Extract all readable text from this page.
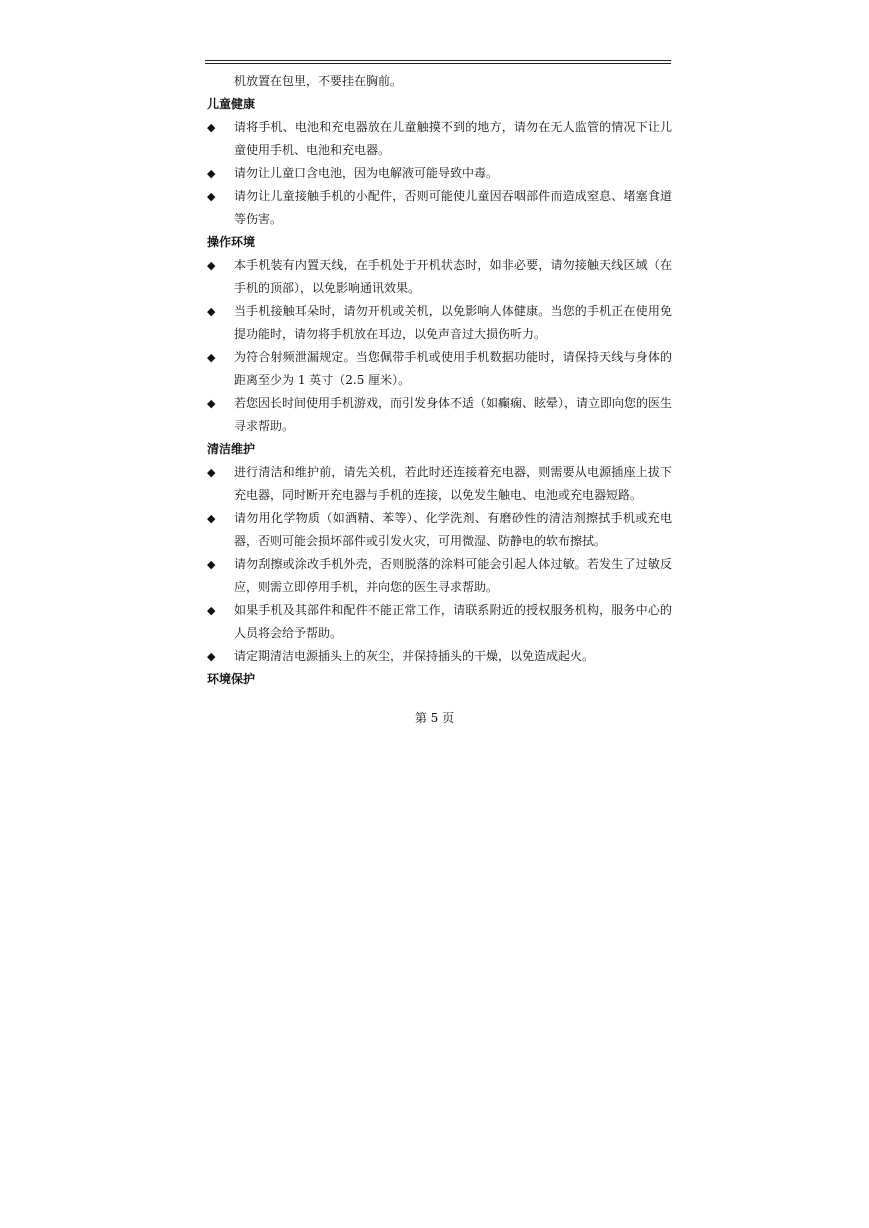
机放置在包里，不要挂在胸前。
儿童健康
◆ 请将手机、电池和充电器放在儿童触摸不到的地方，请勿在无人监管的情况下让儿童使用手机、电池和充电器。
◆ 请勿让儿童口含电池，因为电解液可能导致中毒。
◆ 请勿让儿童接触手机的小配件，否则可能使儿童因吞咽部件而造成窒息、堵塞食道等伤害。
操作环境
◆ 本手机装有内置天线，在手机处于开机状态时，如非必要，请勿接触天线区域（在手机的顶部），以免影响通讯效果。
◆ 当手机接触耳朵时，请勿开机或关机，以免影响人体健康。当您的手机正在使用免提功能时，请勿将手机放在耳边，以免声音过大损伤听力。
◆ 为符合射频泄漏规定。当您佩带手机或使用手机数据功能时，请保持天线与身体的距离至少为 1 英寸（2.5 厘米）。
◆ 若您因长时间使用手机游戏，而引发身体不适（如癫痫、眩晕），请立即向您的医生寻求帮助。
清洁维护
◆ 进行清洁和维护前，请先关机，若此时还连接着充电器，则需要从电源插座上拔下充电器，同时断开充电器与手机的连接，以免发生触电、电池或充电器短路。
◆ 请勿用化学物质（如酒精、苯等）、化学洗剂、有磨砂性的清洁剂擦拭手机或充电器，否则可能会损坏部件或引发火灾，可用微湿、防静电的软布擦拭。
◆ 请勿刮擦或涂改手机外壳，否则脱落的涂料可能会引起人体过敏。若发生了过敏反应，则需立即停用手机，并向您的医生寻求帮助。
◆ 如果手机及其部件和配件不能正常工作，请联系附近的授权服务机构，服务中心的人员将会给予帮助。
◆ 请定期清洁电源插头上的灰尘，并保持插头的干燥，以免造成起火。
环境保护
第 5 页
